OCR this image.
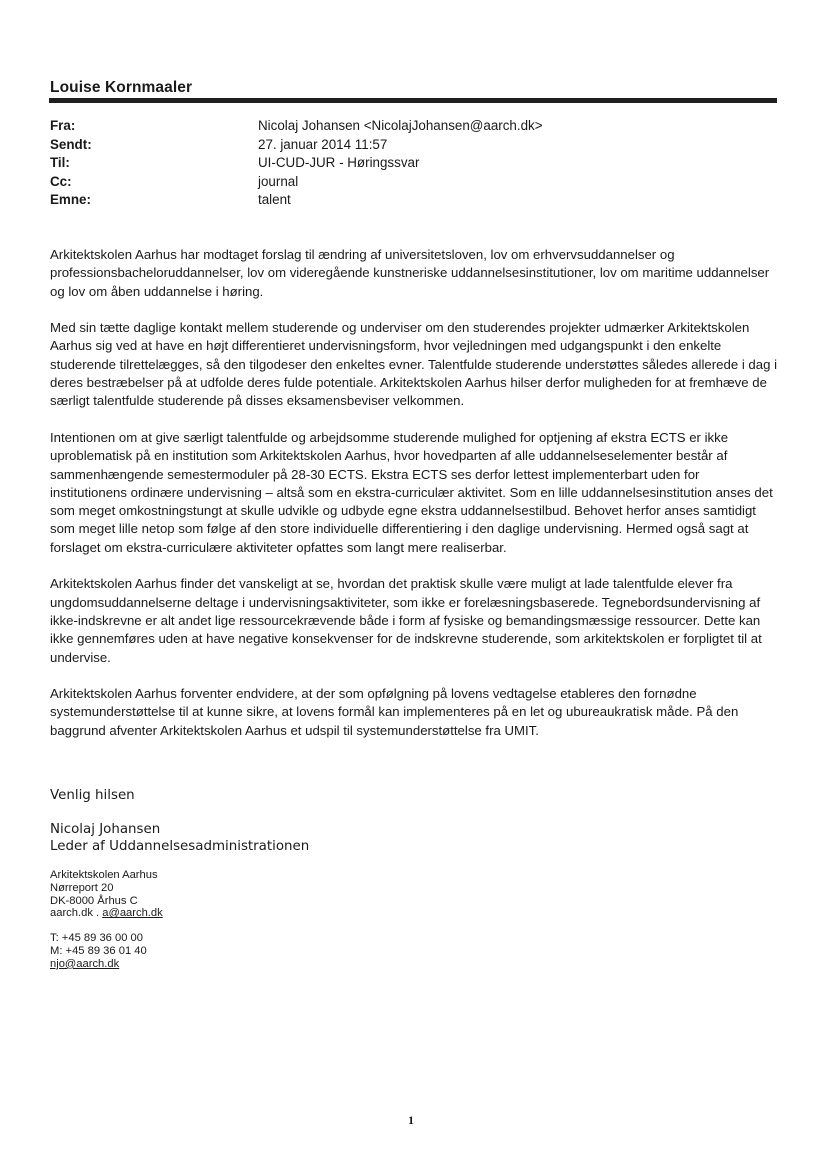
Louise Kornmaaler
Fra:	Nicolaj Johansen <NicolajJohansen@aarch.dk>
Sendt:	27. januar 2014 11:57
Til:	UI-CUD-JUR - Høringssvar
Cc:	journal
Emne:	talent

Arkitektskolen Aarhus har modtaget forslag til ændring af universitetsloven, lov om erhvervsuddannelser og professionsbacheloruddannelser, lov om videregående kunstneriske uddannelsesinstitutioner, lov om maritime uddannelser og lov om åben uddannelse i høring.

Med sin tætte daglige kontakt mellem studerende og underviser om den studerendes projekter udmærker Arkitektskolen Aarhus sig ved at have en højt differentieret undervisningsform, hvor vejledningen med udgangspunkt i den enkelte studerende tilrettelægges, så den tilgodeser den enkeltes evner. Talentfulde studerende understøttes således allerede i dag i deres bestræbelser på at udfolde deres fulde potentiale. Arkitektskolen Aarhus hilser derfor muligheden for at fremhæve de særligt talentfulde studerende på disses eksamensbeviser velkommen.

Intentionen om at give særligt talentfulde og arbejdsomme studerende mulighed for optjening af ekstra ECTS er ikke uproblematisk på en institution som Arkitektskolen Aarhus, hvor hovedparten af alle uddannelseselementer består af sammenhængende semestermoduler på 28-30 ECTS. Ekstra ECTS ses derfor lettest implementerbart uden for institutionens ordinære undervisning – altså som en ekstra-curriculær aktivitet. Som en lille uddannelsesinstitution anses det som meget omkostningstungt at skulle udvikle og udbyde egne ekstra uddannelsestilbud. Behovet herfor anses samtidigt som meget lille netop som følge af den store individuelle differentiering i den daglige undervisning. Hermed også sagt at forslaget om ekstra-curriculære aktiviteter opfattes som langt mere realiserbar.

Arkitektskolen Aarhus finder det vanskeligt at se, hvordan det praktisk skulle være muligt at lade talentfulde elever fra ungdomsuddannelserne deltage i undervisningsaktiviteter, som ikke er forelæsningsbaserede. Tegnebordsundervisning af ikke-indskrevne er alt andet lige ressourcekrævende både i form af fysiske og bemandingsmæssige ressourcer. Dette kan ikke gennemføres uden at have negative konsekvenser for de indskrevne studerende, som arkitektskolen er forpligtet til at undervise.

Arkitektskolen Aarhus forventer endvidere, at der som opfølgning på lovens vedtagelse etableres den fornødne systemunderstøttelse til at kunne sikre, at lovens formål kan implementeres på en let og ubureaukratisk måde. På den baggrund afventer Arkitektskolen Aarhus et udspil til systemunderstøttelse fra UMIT.

Venlig hilsen
Nicolaj Johansen
Leder af Uddannelsesadministrationen
Arkitektskolen Aarhus
Nørreport 20
DK-8000 Århus C
aarch.dk . a@aarch.dk
T: +45 89 36 00 00
M: +45 89 36 01 40
njo@aarch.dk
1
